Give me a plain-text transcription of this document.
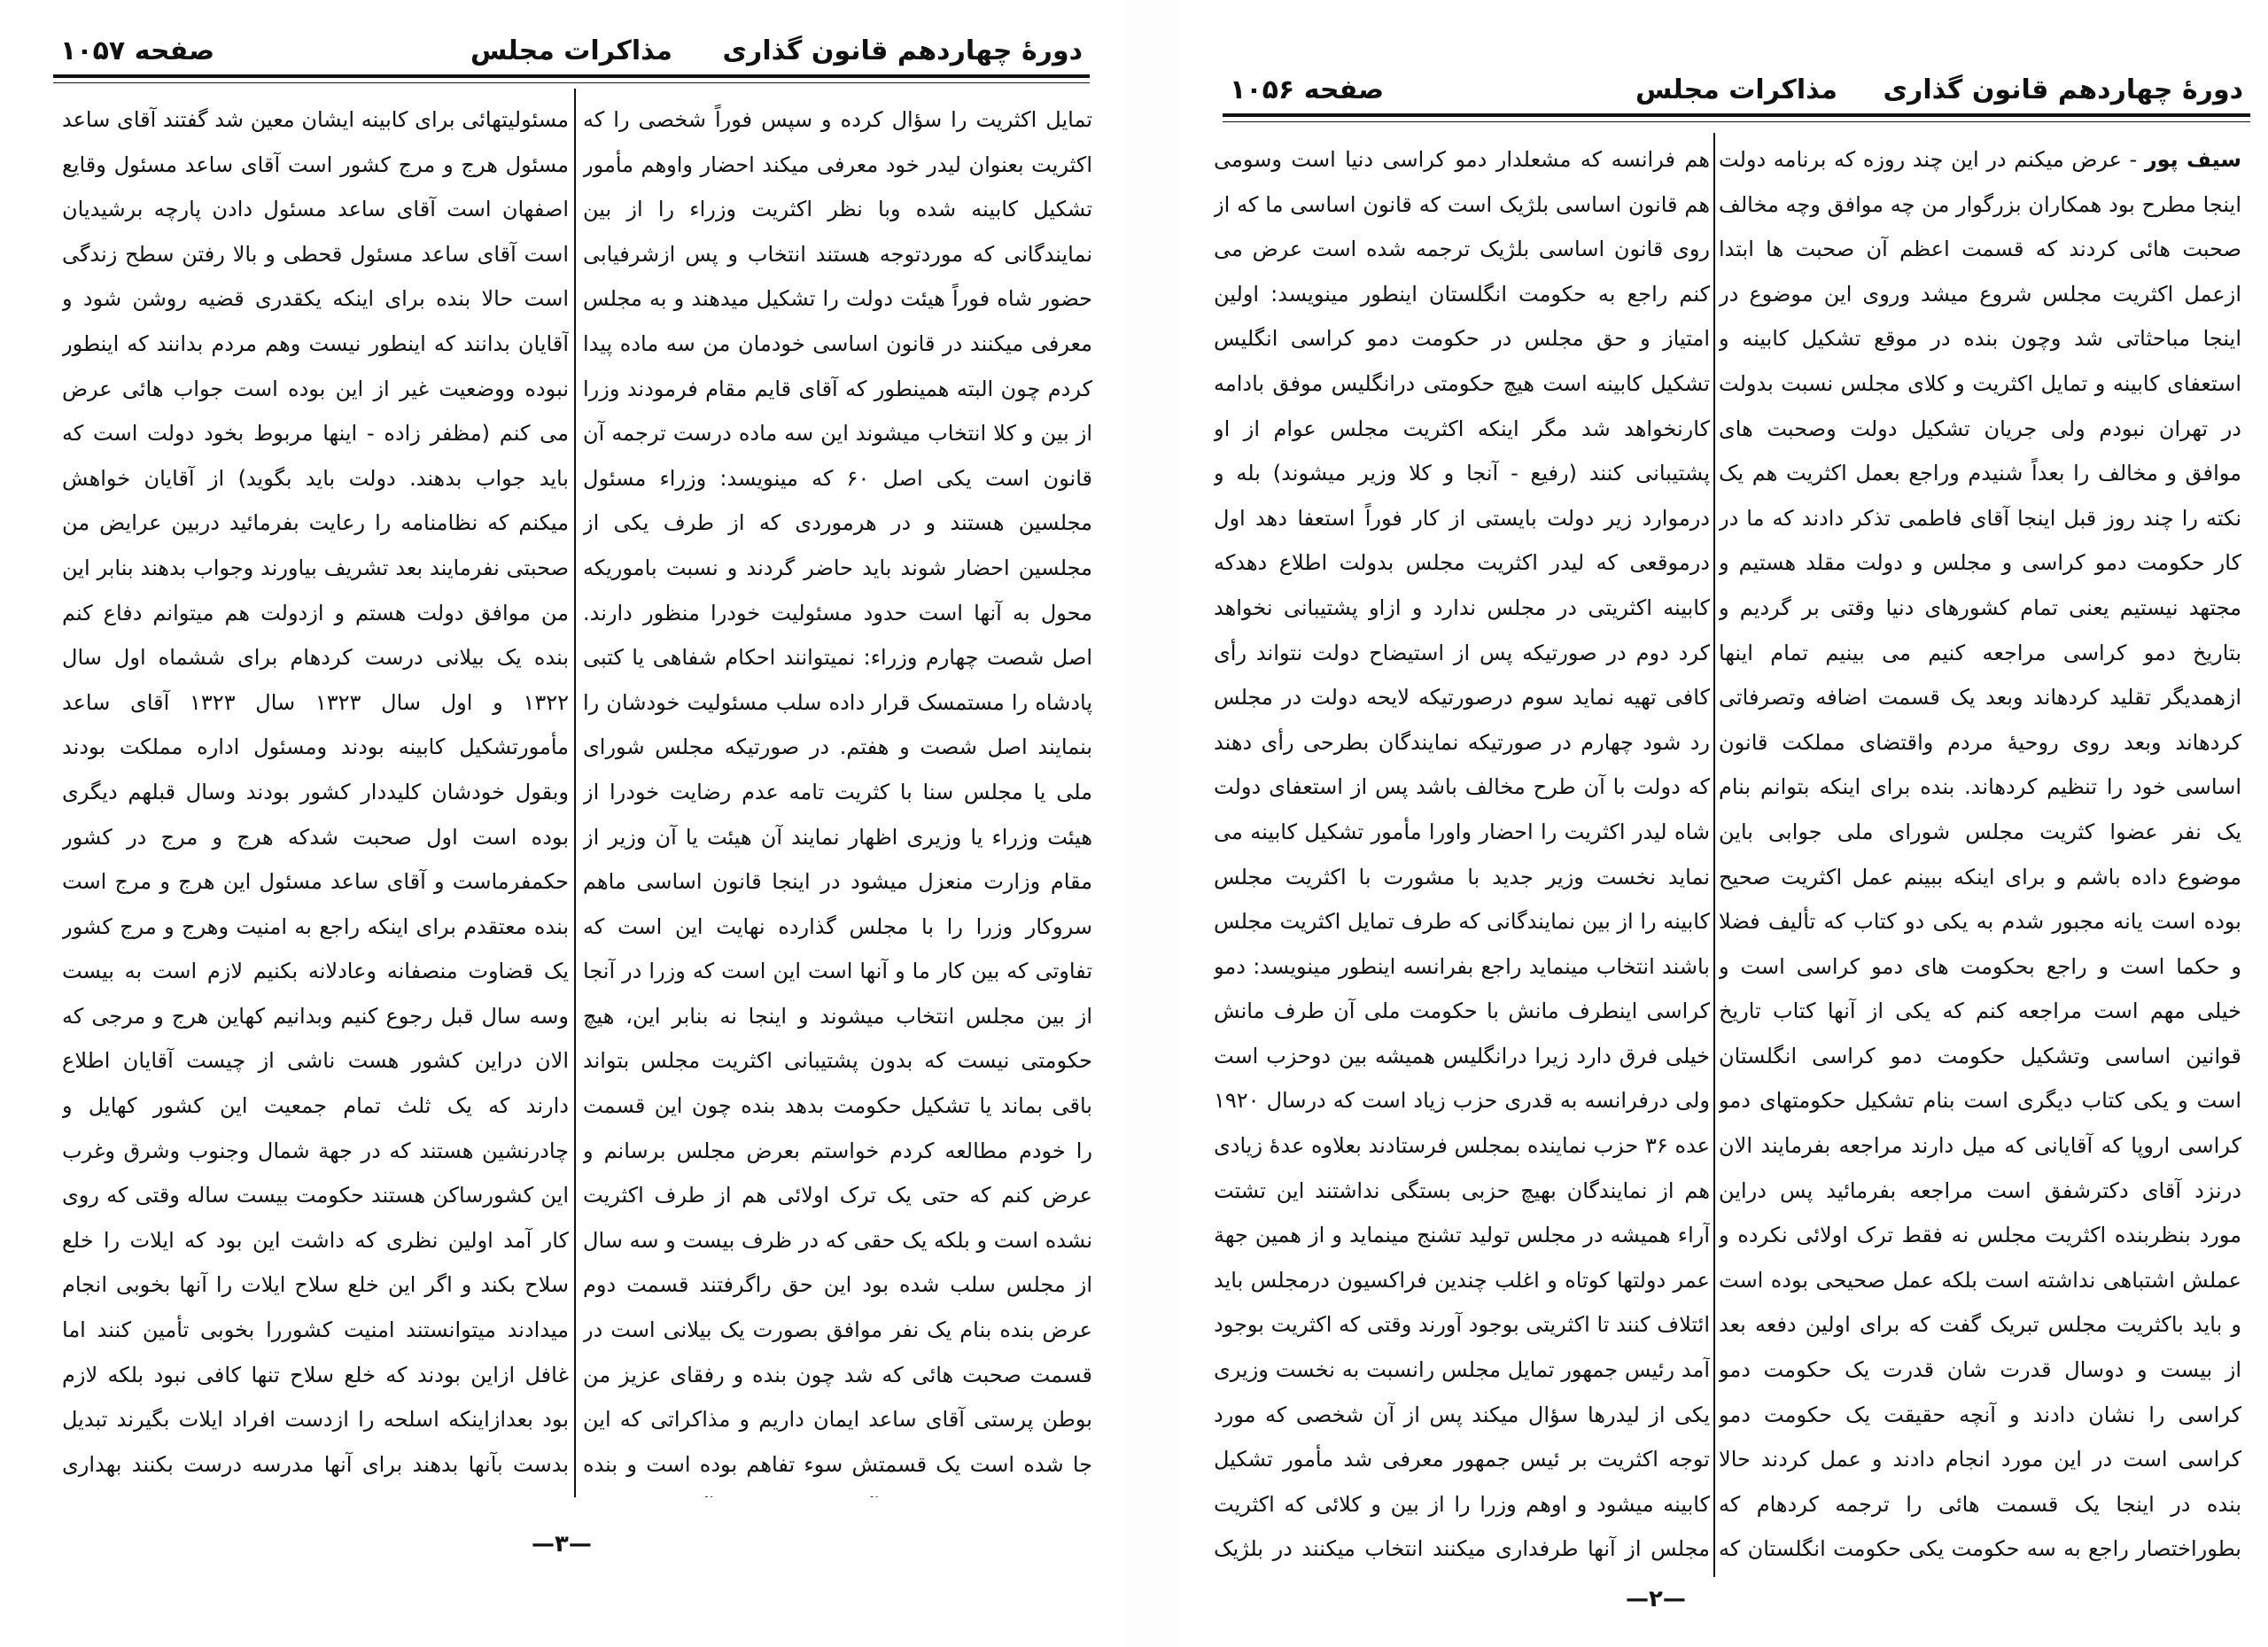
دورهٔ چهاردهم قانون گذاری
مذاکرات مجلس
صفحه ۱۰۵۷

تمایل اکثریت را سؤال کرده و سپس فوراً شخصی را که اکثریت بعنوان لیدر خود معرفی میکند احضار واوهم مأمور تشکیل کابینه شده وبا نظر اکثریت وزراء را از بین نمایندگانی که موردتوجه هستند انتخاب و پس ازشرفیابی حضور شاه فوراً هیئت دولت را تشکیل میدهند و به مجلس معرفی میکنند در قانون اساسی خودمان من سه ماده پیدا کردم چون البته همینطور که آقای قایم مقام فرمودند وزرا از بین و کلا انتخاب میشوند این سه ماده درست ترجمه آن قانون است یکی اصل ۶۰ که مینویسد: وزراء مسئول مجلسین هستند و در هرموردی که از طرف یکی از مجلسین احضار شوند باید حاضر گردند و نسبت باموریکه محول به آنها است حدود مسئولیت خودرا منظور دارند. اصل شصت چهارم وزراء: نمیتوانند احکام شفاهی یا کتبی پادشاه را مستمسک قرار داده سلب مسئولیت خودشان را بنمایند اصل شصت و هفتم. در صورتیکه مجلس شورای ملی یا مجلس سنا با کثریت تامه عدم رضایت خودرا از هیئت وزراء یا وزیری اظهار نمایند آن هیئت یا آن وزیر از مقام وزارت منعزل میشود در اینجا قانون اساسی ماهم سروکار وزرا را با مجلس گذارده نهایت این است که تفاوتی که بین کار ما و آنها است این است که وزرا در آنجا از بین مجلس انتخاب میشوند و اینجا نه بنابر این، هیچ حکومتی نیست که بدون پشتیبانی اکثریت مجلس بتواند باقی بماند یا تشکیل حکومت بدهد بنده چون این قسمت را خودم مطالعه کردم خواستم بعرض مجلس برسانم و عرض کنم که حتی یک ترک اولائی هم از طرف اکثریت نشده است و بلکه یک حقی که در ظرف بیست و سه سال از مجلس سلب شده بود این حق راگرفتند قسمت دوم عرض بنده بنام یک نفر موافق بصورت یک بیلانی است در قسمت صحبت هائی که شد چون بنده و رفقای عزیز من بوطن پرستی آقای ساعد ایمان داریم و مذاکراتی که این جا شده است یک قسمتش سوء تفاهم بوده است و بنده

مسئولیتهائی برای کابینه ایشان معین شد گفتند آقای ساعد مسئول هرج و مرج کشور است آقای ساعد مسئول وقایع اصفهان است آقای ساعد مسئول دادن پارچه برشیدیان است آقای ساعد مسئول قحطی و بالا رفتن سطح زندگی است حالا بنده برای اینکه یکقدری قضیه روشن شود و آقایان بدانند که اینطور نیست وهم مردم بدانند که اینطور نبوده ووضعیت غیر از این بوده است جواب هائی عرض می کنم (مظفر زاده - اینها مربوط بخود دولت است که باید جواب بدهند. دولت باید بگوید) از آقایان خواهش میکنم که نظامنامه را رعایت بفرمائید دربین عرایض من صحبتی نفرمایند بعد تشریف بیاورند وجواب بدهند بنابر این من موافق دولت هستم و ازدولت هم میتوانم دفاع کنم بنده یک بیلانی درست کردهام برای ششماه اول سال ۱۳۲۲ و اول سال ۱۳۲۳ سال ۱۳۲۳ آقای ساعد مأمورتشکیل کابینه بودند ومسئول اداره مملکت بودند وبقول خودشان کلیددار کشور بودند وسال قبلهم دیگری بوده است اول صحبت شدکه هرج و مرج در کشور حکمفرماست و آقای ساعد مسئول این هرج و مرج است بنده معتقدم برای اینکه راجع به امنیت وهرج و مرج کشور یک قضاوت منصفانه وعادلانه بکنیم لازم است به بیست وسه سال قبل رجوع کنیم وبدانیم کهاین هرج و مرجی که الان دراین کشور هست ناشی از چیست آقایان اطلاع دارند که یک ثلث تمام جمعیت این کشور کهایل و چادرنشین هستند که در جهة شمال وجنوب وشرق وغرب این کشورساکن هستند حکومت بیست ساله وقتی که روی کار آمد اولین نظری که داشت این بود که ایلات را خلع سلاح بکند و اگر این خلع سلاح ایلات را آنها بخوبی انجام میدادند میتوانستند امنیت کشوررا بخوبی تأمین کنند اما غافل ازاین بودند که خلع سلاح تنها کافی نبود بلکه لازم بود بعدازاینکه اسلحه را ازدست افراد ایلات بگیرند تبدیل بدست بآنها بدهند برای آنها مدرسه درست بکنند بهداری

—۳—
دورهٔ چهاردهم قانون گذاری
مذاکرات مجلس
صفحه ۱۰۵۶

سیف پور - عرض میکنم در این چند روزه که برنامه دولت اینجا مطرح بود همکاران بزرگوار من چه موافق وچه مخالف صحبت هائی کردند که قسمت اعظم آن صحبت ها ابتدا ازعمل اکثریت مجلس شروع میشد وروی این موضوع در اینجا مباحثاتی شد وچون بنده در موقع تشکیل کابینه و استعفای کابینه و تمایل اکثریت و کلای مجلس نسبت بدولت در تهران نبودم ولی جریان تشکیل دولت وصحبت های موافق و مخالف را بعداً شنیدم وراجع بعمل اکثریت هم یک نکته را چند روز قبل اینجا آقای فاطمی تذکر دادند که ما در کار حکومت دمو کراسی و مجلس و دولت مقلد هستیم و مجتهد نیستیم یعنی تمام کشورهای دنیا وقتی بر گردیم و بتاریخ دمو کراسی مراجعه کنیم می بینیم تمام اینها ازهمدیگر تقلید کردهاند وبعد یک قسمت اضافه وتصرفاتی کردهاند وبعد روی روحیهٔ مردم واقتضای مملکت قانون اساسی خود را تنظیم کردهاند. بنده برای اینکه بتوانم بنام یک نفر عضوا کثریت مجلس شورای ملی جوابی باین موضوع داده باشم و برای اینکه ببینم عمل اکثریت صحیح بوده است یانه مجبور شدم به یکی دو کتاب که تألیف فضلا و حکما است و راجع بحکومت های دمو کراسی است و خیلی مهم است مراجعه کنم که یکی از آنها کتاب تاریخ قوانین اساسی وتشکیل حکومت دمو کراسی انگلستان است و یکی کتاب دیگری است بنام تشکیل حکومتهای دمو کراسی اروپا که آقایانی که میل دارند مراجعه بفرمایند الان درنزد آقای دکترشفق است مراجعه بفرمائید پس دراین مورد بنظربنده اکثریت مجلس نه فقط ترک اولائی نکرده و عملش اشتباهی نداشته است بلکه عمل صحیحی بوده است و باید باکثریت مجلس تبریک گفت که برای اولین دفعه بعد از بیست و دوسال قدرت شان قدرت یک حکومت دمو کراسی را نشان دادند و آنچه حقیقت یک حکومت دمو کراسی است در این مورد انجام دادند و عمل کردند حالا بنده در اینجا یک قسمت هائی را ترجمه کردهام که بطوراختصار راجع به سه حکومت یکی حکومت انگلستان که

هم فرانسه که مشعلدار دمو کراسی دنیا است وسومی هم قانون اساسی بلژیک است که قانون اساسی ما که از روی قانون اساسی بلژیک ترجمه شده است عرض می کنم راجع به حکومت انگلستان اینطور مینویسد: اولین امتیاز و حق مجلس در حکومت دمو کراسی انگلیس تشکیل کابینه است هیچ حکومتی درانگلیس موفق بادامه کارنخواهد شد مگر اینکه اکثریت مجلس عوام از او پشتیبانی کنند (رفیع - آنجا و کلا وزیر میشوند) بله و درموارد زیر دولت بایستی از کار فوراً استعفا دهد اول درموقعی که لیدر اکثریت مجلس بدولت اطلاع دهدکه کابینه اکثریتی در مجلس ندارد و ازاو پشتیبانی نخواهد کرد دوم در صورتیکه پس از استیضاح دولت نتواند رأی کافی تهیه نماید سوم درصورتیکه لایحه دولت در مجلس رد شود چهارم در صورتیکه نمایندگان بطرحی رأی دهند که دولت با آن طرح مخالف باشد پس از استعفای دولت شاه لیدر اکثریت را احضار واورا مأمور تشکیل کابینه می نماید نخست وزیر جدید با مشورت با اکثریت مجلس کابینه را از بین نمایندگانی که طرف تمایل اکثریت مجلس باشند انتخاب مینماید راجع بفرانسه اینطور مینویسد: دمو کراسی اینطرف مانش با حکومت ملی آن طرف مانش خیلی فرق دارد زیرا درانگلیس همیشه بین دوحزب است ولی درفرانسه به قدری حزب زیاد است که درسال ۱۹۲۰ عده ۳۶ حزب نماینده بمجلس فرستادند بعلاوه عدهٔ زیادی هم از نمایندگان بهیچ حزبی بستگی نداشتند این تشتت آراء همیشه در مجلس تولید تشنج مینماید و از همین جهة عمر دولتها کوتاه و اغلب چندین فراکسیون درمجلس باید ائتلاف کنند تا اکثریتی بوجود آورند وقتی که اکثریت بوجود آمد رئیس جمهور تمایل مجلس رانسبت به نخست وزیری یکی از لیدرها سؤال میکند پس از آن شخصی که مورد توجه اکثریت بر ئیس جمهور معرفی شد مأمور تشکیل کابینه میشود و اوهم وزرا را از بین و کلائی که اکثریت مجلس از آنها طرفداری میکنند انتخاب میکنند در بلژیک

—۲—
